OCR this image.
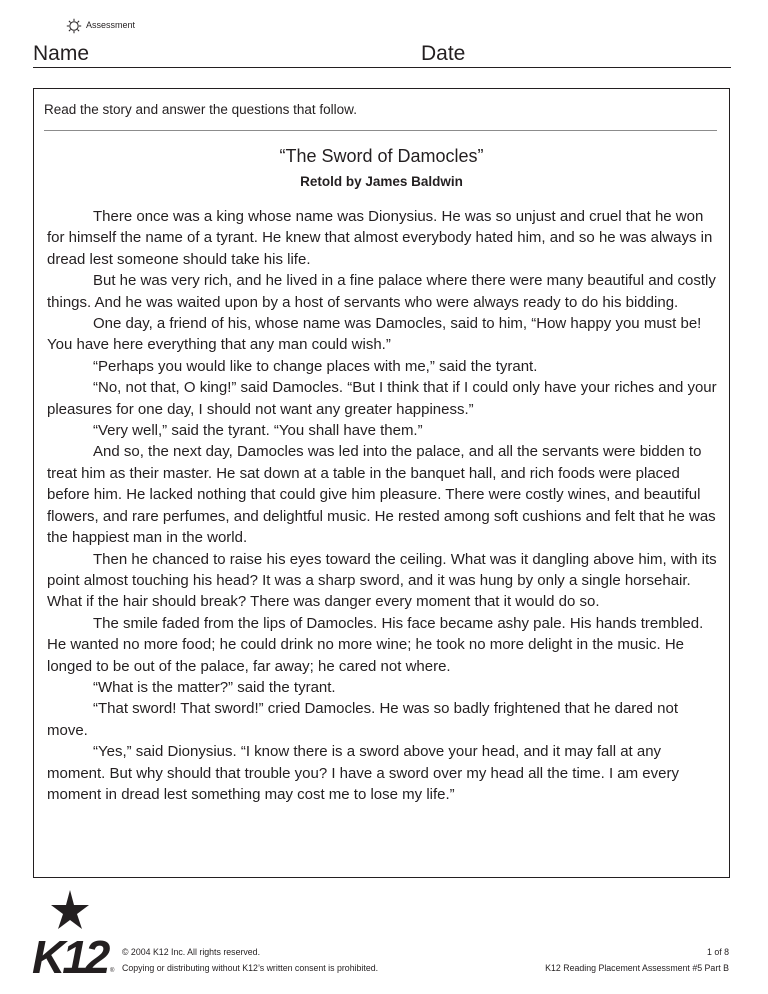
Assessment
Name	Date
Read the story and answer the questions that follow.
“The Sword of Damocles”
Retold by James Baldwin

There once was a king whose name was Dionysius. He was so unjust and cruel that he won for himself the name of a tyrant. He knew that almost everybody hated him, and so he was always in dread lest someone should take his life.

But he was very rich, and he lived in a fine palace where there were many beautiful and costly things. And he was waited upon by a host of servants who were always ready to do his bidding.

One day, a friend of his, whose name was Damocles, said to him, “How happy you must be! You have here everything that any man could wish.”

“Perhaps you would like to change places with me,” said the tyrant.

“No, not that, O king!” said Damocles. “But I think that if I could only have your riches and your pleasures for one day, I should not want any greater happiness.”

“Very well,” said the tyrant. “You shall have them.”

And so, the next day, Damocles was led into the palace, and all the servants were bidden to treat him as their master. He sat down at a table in the banquet hall, and rich foods were placed before him. He lacked nothing that could give him pleasure. There were costly wines, and beautiful flowers, and rare perfumes, and delightful music. He rested among soft cushions and felt that he was the happiest man in the world.

Then he chanced to raise his eyes toward the ceiling. What was it dangling above him, with its point almost touching his head? It was a sharp sword, and it was hung by only a single horsehair. What if the hair should break? There was danger every moment that it would do so.

The smile faded from the lips of Damocles. His face became ashy pale. His hands trembled. He wanted no more food; he could drink no more wine; he took no more delight in the music. He longed to be out of the palace, far away; he cared not where.

“What is the matter?” said the tyrant.

“That sword! That sword!” cried Damocles. He was so badly frightened that he dared not move.

“Yes,” said Dionysius. “I know there is a sword above your head, and it may fall at any moment. But why should that trouble you? I have a sword over my head all the time. I am every moment in dread lest something may cost me to lose my life.”

K12 ®
© 2004 K12 Inc. All rights reserved.
Copying or distributing without K12’s written consent is prohibited.
1 of 8
K12 Reading Placement Assessment #5 Part B
